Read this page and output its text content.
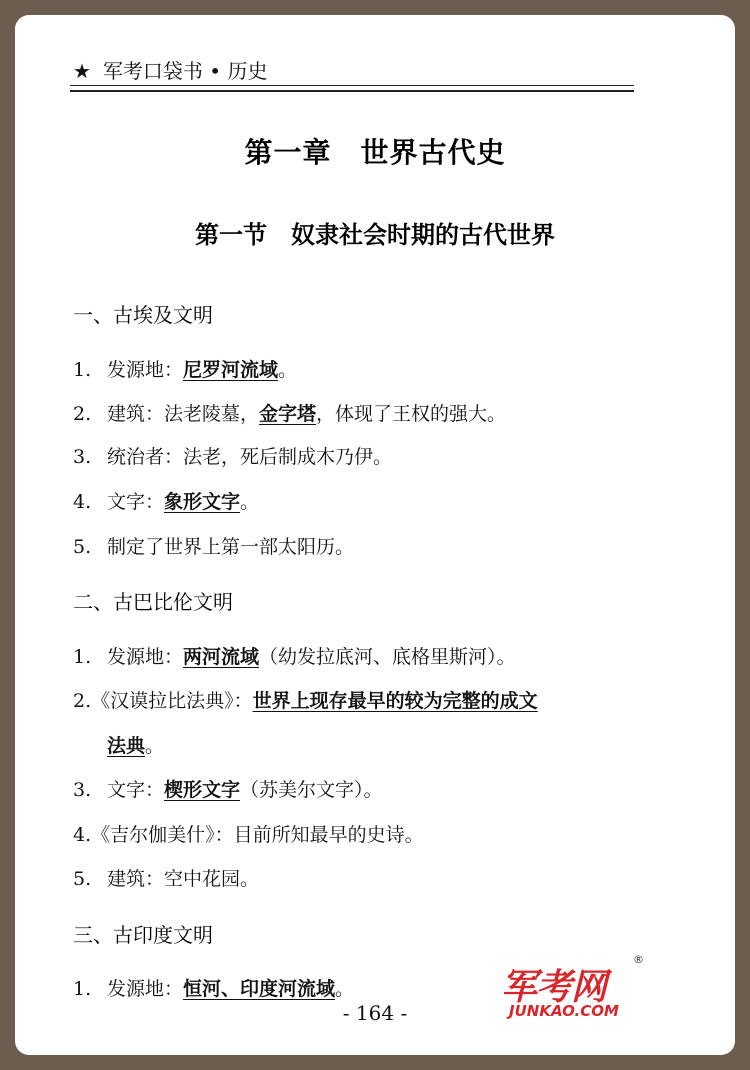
★ 军考口袋书 • 历史
第一章　世界古代史
第一节　奴隶社会时期的古代世界
一、古埃及文明
1. 发源地：尼罗河流域。
2. 建筑：法老陵墓，金字塔，体现了王权的强大。
3. 统治者：法老，死后制成木乃伊。
4. 文字：象形文字。
5. 制定了世界上第一部太阳历。
二、古巴比伦文明
1. 发源地：两河流域（幼发拉底河、底格里斯河）。
2.《汉谟拉比法典》：世界上现存最早的较为完整的成文
法典。
3. 文字：楔形文字（苏美尔文字）。
4.《吉尔伽美什》：目前所知最早的史诗。
5. 建筑：空中花园。
三、古印度文明
1. 发源地：恒河、印度河流域。
- 164 -
军考网
JUNKAO.COM
®
